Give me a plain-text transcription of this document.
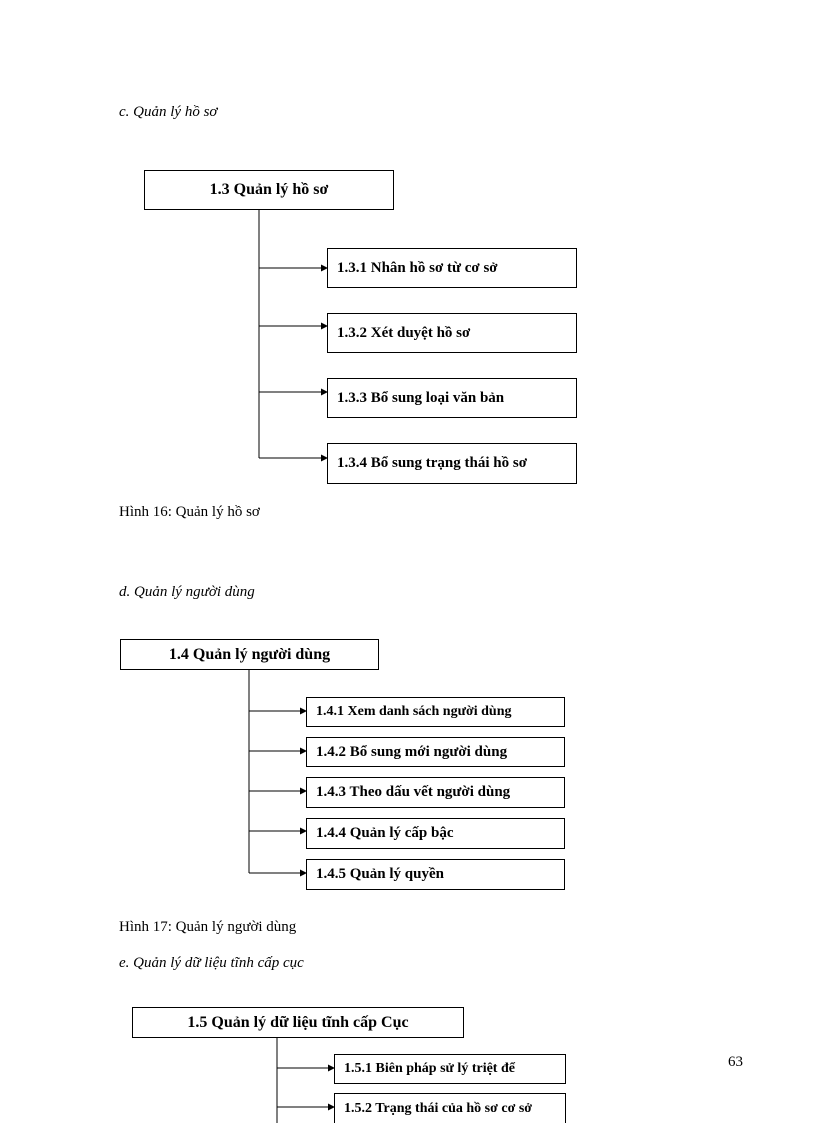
c. Quản lý hồ sơ
1.3 Quản lý hồ sơ
1.3.1 Nhân hồ sơ từ cơ sở
1.3.2 Xét duyệt hồ sơ
1.3.3 Bổ sung loại văn bản
1.3.4 Bổ sung trạng thái hồ sơ
Hình 16: Quản lý hồ sơ
d. Quản lý người dùng
1.4 Quản lý người dùng
1.4.1 Xem danh sách người dùng
1.4.2 Bổ sung mới người dùng
1.4.3 Theo dấu vết người dùng
1.4.4 Quản lý cấp bậc
1.4.5 Quản lý quyền
Hình 17: Quản lý người dùng
e. Quản lý dữ liệu tĩnh cấp cục
1.5 Quản lý dữ liệu tĩnh cấp Cục
1.5.1 Biên pháp sử lý triệt để
1.5.2 Trạng thái của hồ sơ cơ sở
63
